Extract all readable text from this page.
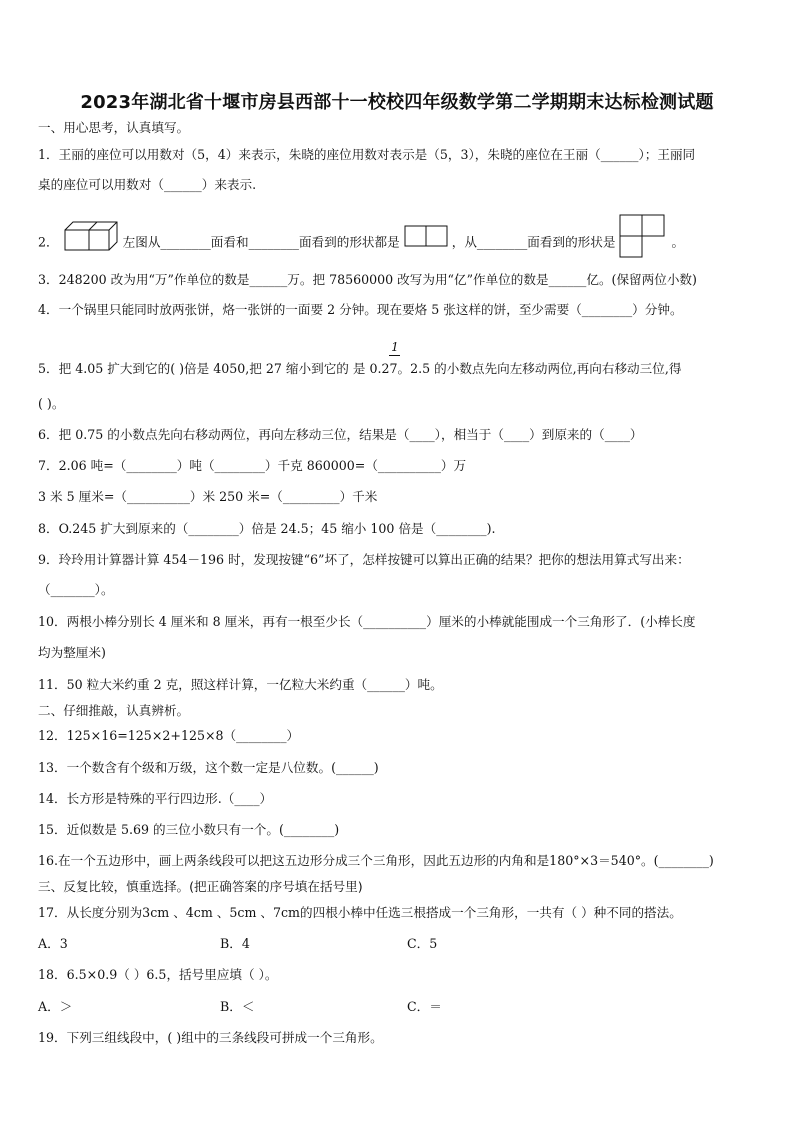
2023年湖北省十堰市房县西部十一校校四年级数学第二学期期末达标检测试题
一、用心思考，认真填写。
1．王丽的座位可以用数对（5，4）来表示，朱晓的座位用数对表示是（5，3），朱晓的座位在王丽（______）；王丽同
桌的座位可以用数对（______）来表示.
2．	左图从________面看和________面看到的形状都是	，从________面看到的形状是	。
3．248200 改为用“万”作单位的数是______万。把 78560000 改写为用“亿”作单位的数是______亿。(保留两位小数)
4．一个锅里只能同时放两张饼，烙一张饼的一面要 2 分钟。现在要烙 5 张这样的饼，至少需要（________）分钟。
1
5．把 4.05 扩大到它的( )倍是 4050,把 27 缩小到它的 是 0.27。2.5 的小数点先向左移动两位,再向右移动三位,得
( )。
6．把 0.75 的小数点先向右移动两位，再向左移动三位，结果是（____），相当于（____）到原来的（____）
7．2.06 吨=（________）吨（________）千克 860000=（__________）万
3 米 5 厘米=（__________）米 250 米=（_________）千米
8．O.245 扩大到原来的（________）倍是 24.5；45 缩小 100 倍是（________).
9．玲玲用计算器计算 454－196 时，发现按键“6”坏了，怎样按键可以算出正确的结果？把你的想法用算式写出来：
（_______）。
10．两根小棒分别长 4 厘米和 8 厘米，再有一根至少长（__________）厘米的小棒就能围成一个三角形了．(小棒长度
均为整厘米)
11．50 粒大米约重 2 克，照这样计算，一亿粒大米约重（______）吨。
二、仔细推敲，认真辨析。
12．125×16=125×2+125×8（________）
13．一个数含有个级和万级，这个数一定是八位数。(______)
14．长方形是特殊的平行四边形.（____）
15．近似数是 5.69 的三位小数只有一个。(________)
16.在一个五边形中，画上两条线段可以把这五边形分成三个三角形，因此五边形的内角和是180°×3＝540°。(________)
三、反复比较，慎重选择。(把正确答案的序号填在括号里)
17．从长度分别为3cm 、4cm 、5cm 、7cm的四根小棒中任选三根搭成一个三角形，一共有（ ）种不同的搭法。
A．3	B．4	C．5
18．6.5×0.9（ ）6.5，括号里应填（ ）。
A．＞	B．＜	C．＝
19．下列三组线段中，( )组中的三条线段可拼成一个三角形。
